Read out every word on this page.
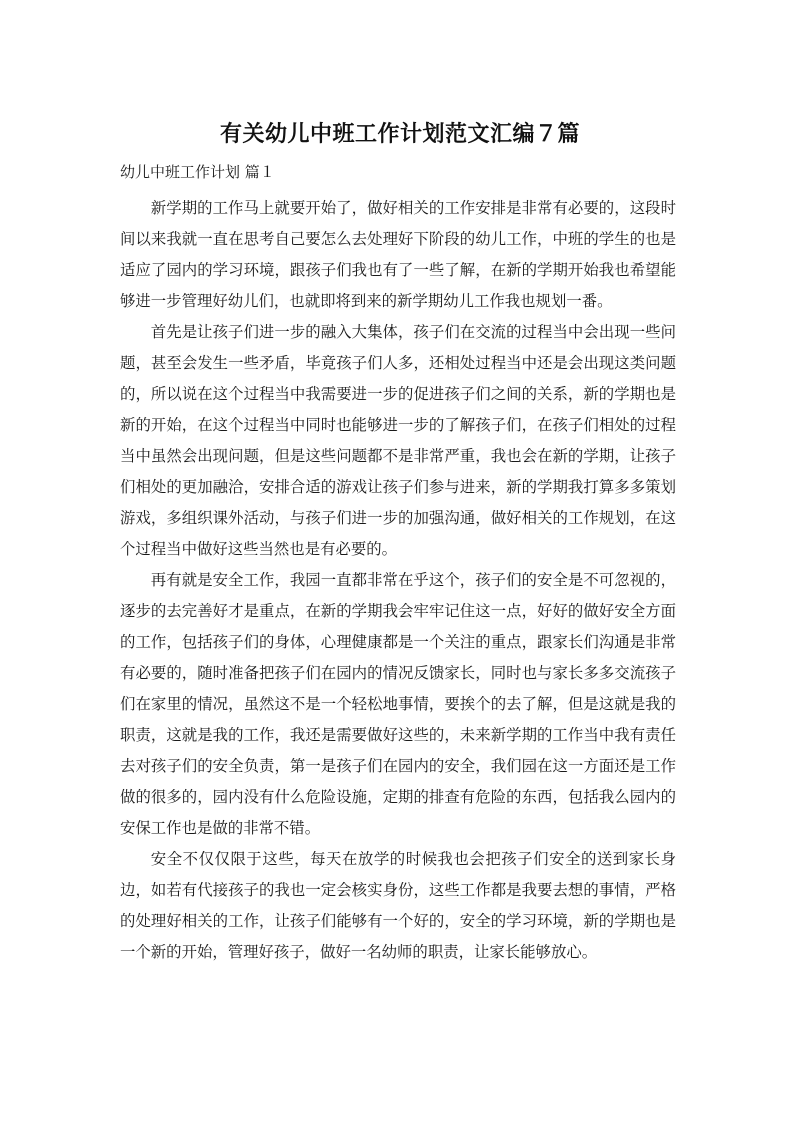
有关幼儿中班工作计划范文汇编７篇

幼儿中班工作计划 篇１

新学期的工作马上就要开始了，做好相关的工作安排是非常有必要的，这段时间以来我就一直在思考自己要怎么去处理好下阶段的幼儿工作，中班的学生的也是适应了园内的学习环境，跟孩子们我也有了一些了解，在新的学期开始我也希望能够进一步管理好幼儿们，也就即将到来的新学期幼儿工作我也规划一番。

首先是让孩子们进一步的融入大集体，孩子们在交流的过程当中会出现一些问题，甚至会发生一些矛盾，毕竟孩子们人多，还相处过程当中还是会出现这类问题的，所以说在这个过程当中我需要进一步的促进孩子们之间的关系，新的学期也是新的开始，在这个过程当中同时也能够进一步的了解孩子们，在孩子们相处的过程当中虽然会出现问题，但是这些问题都不是非常严重，我也会在新的学期，让孩子们相处的更加融洽，安排合适的游戏让孩子们参与进来，新的学期我打算多多策划游戏，多组织课外活动，与孩子们进一步的加强沟通，做好相关的工作规划，在这个过程当中做好这些当然也是有必要的。

再有就是安全工作，我园一直都非常在乎这个，孩子们的安全是不可忽视的，逐步的去完善好才是重点，在新的学期我会牢牢记住这一点，好好的做好安全方面的工作，包括孩子们的身体，心理健康都是一个关注的重点，跟家长们沟通是非常有必要的，随时准备把孩子们在园内的情况反馈家长，同时也与家长多多交流孩子们在家里的情况，虽然这不是一个轻松地事情，要挨个的去了解，但是这就是我的职责，这就是我的工作，我还是需要做好这些的，未来新学期的工作当中我有责任去对孩子们的安全负责，第一是孩子们在园内的安全，我们园在这一方面还是工作做的很多的，园内没有什么危险设施，定期的排查有危险的东西，包括我么园内的安保工作也是做的非常不错。

安全不仅仅限于这些，每天在放学的时候我也会把孩子们安全的送到家长身边，如若有代接孩子的我也一定会核实身份，这些工作都是我要去想的事情，严格的处理好相关的工作，让孩子们能够有一个好的，安全的学习环境，新的学期也是一个新的开始，管理好孩子，做好一名幼师的职责，让家长能够放心。
